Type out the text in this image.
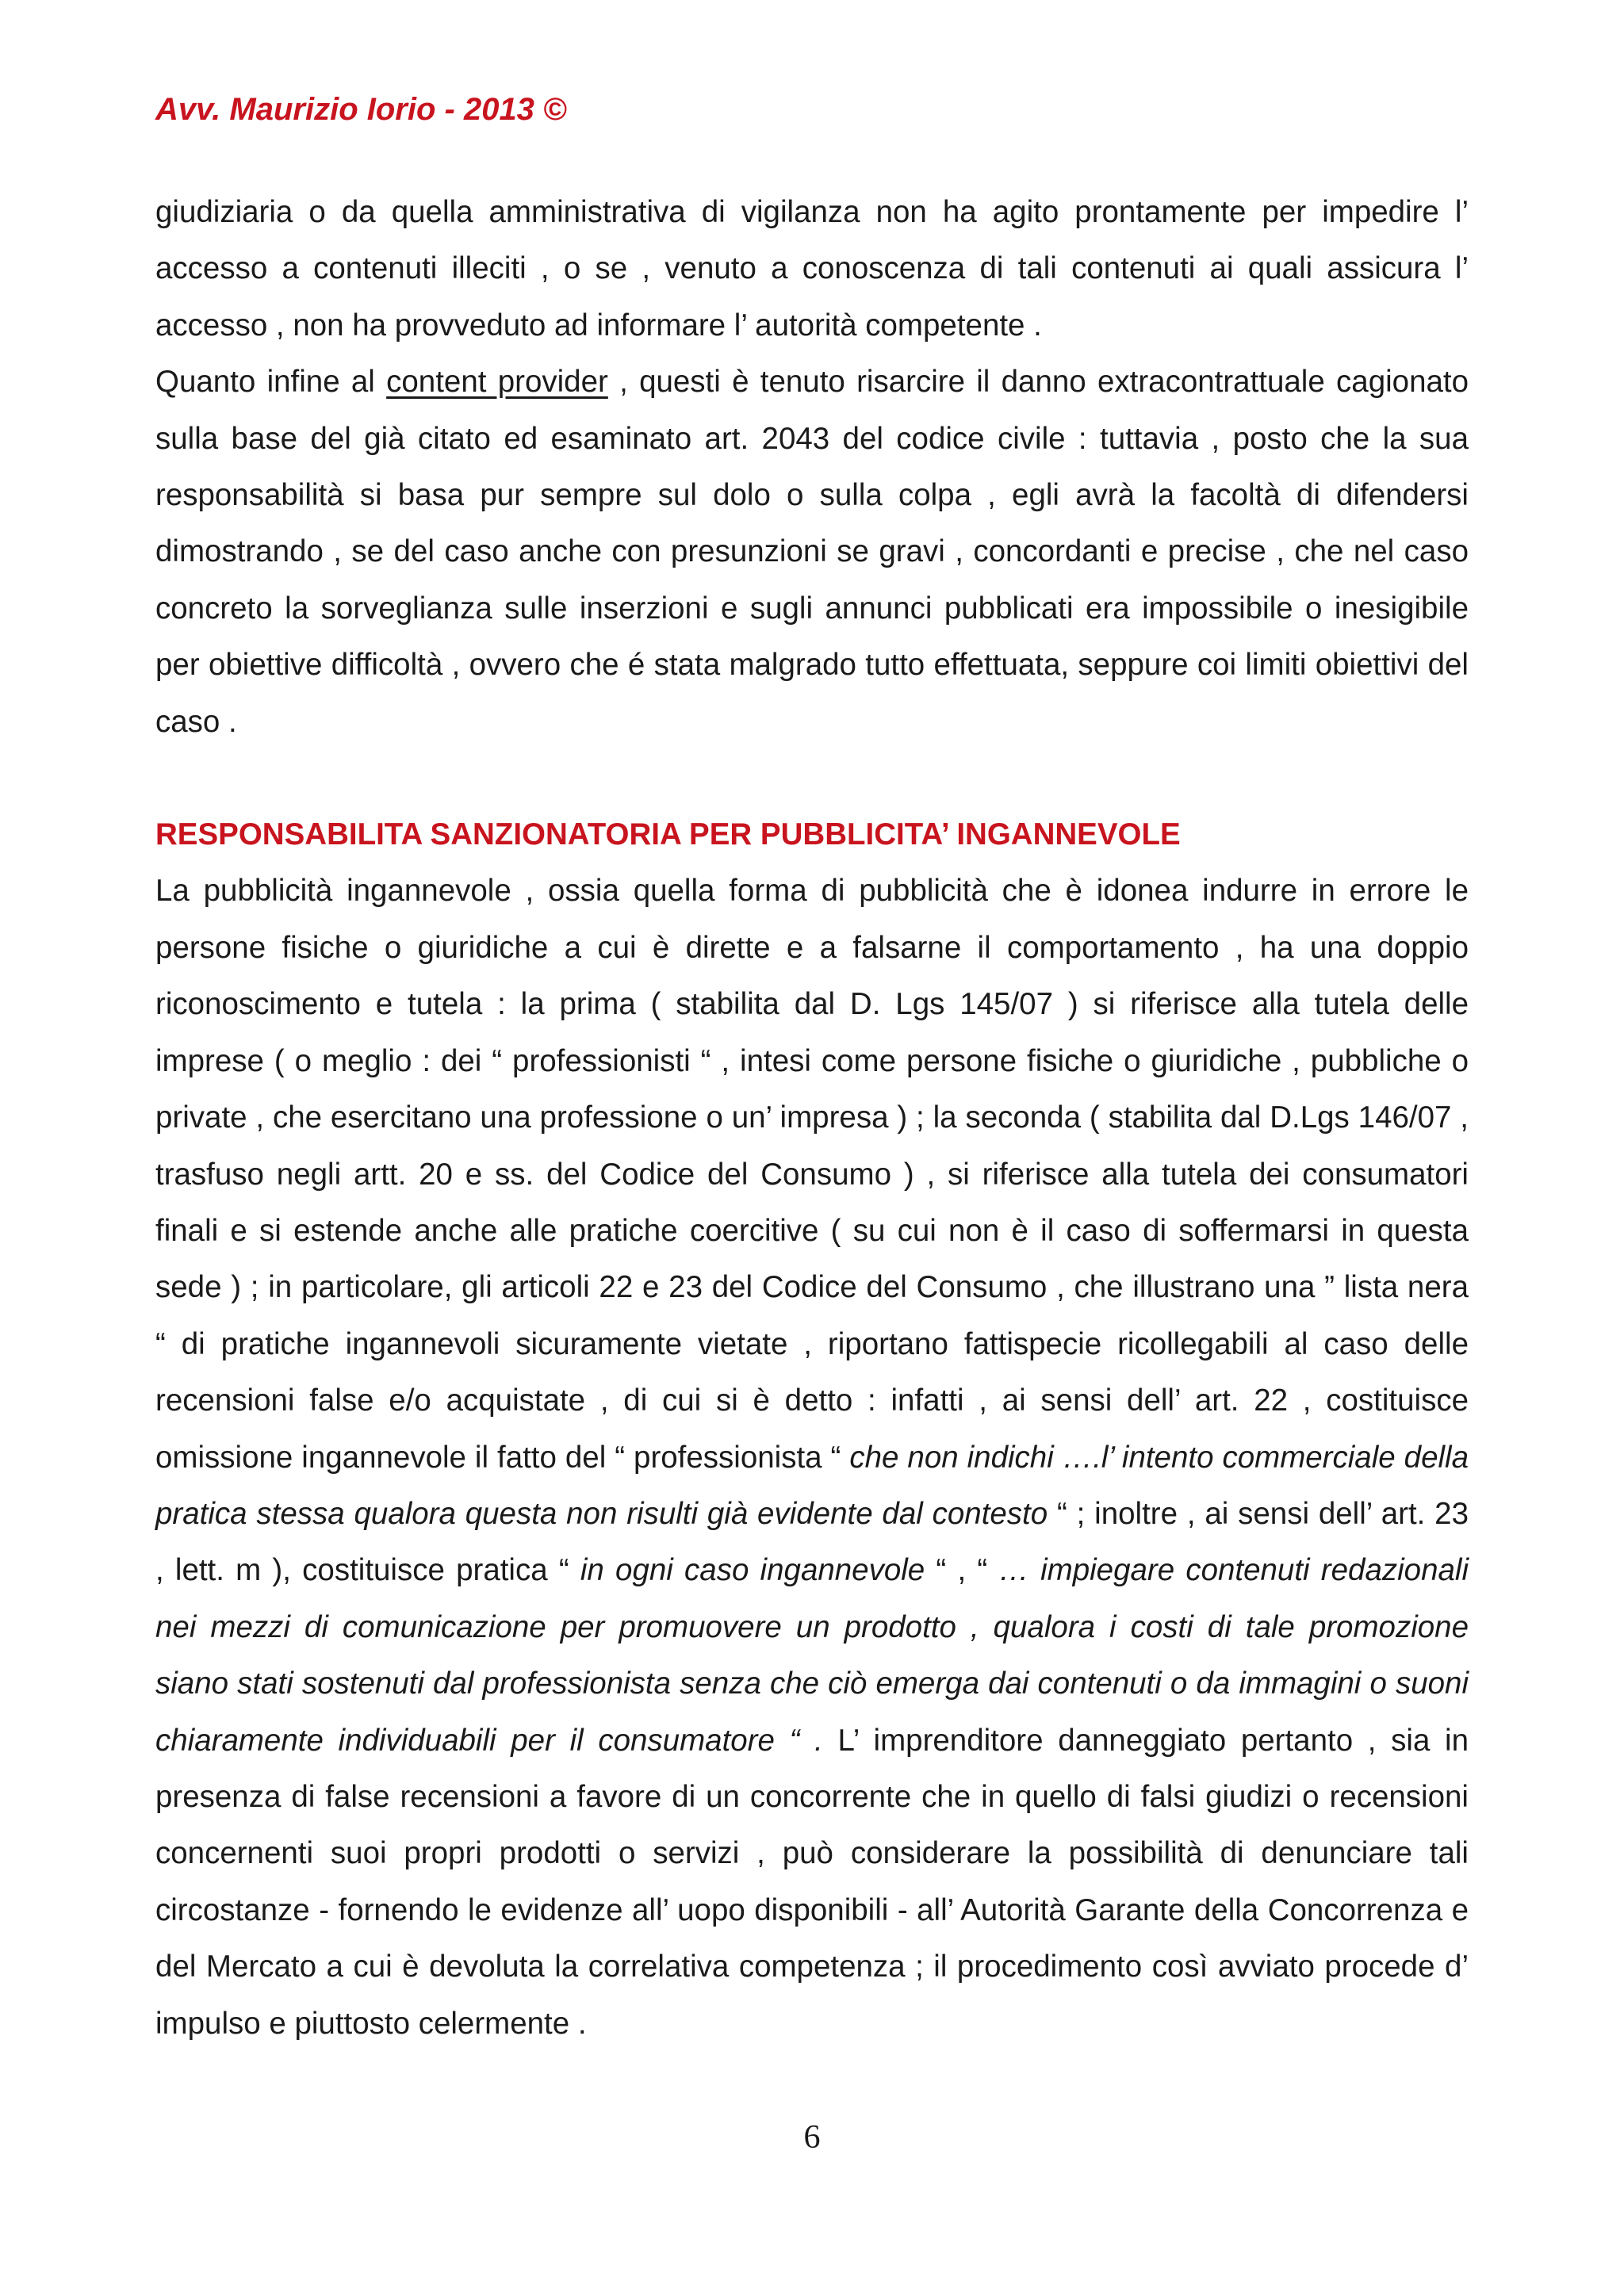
Avv. Maurizio Iorio - 2013 ©

giudiziaria o da quella amministrativa di vigilanza non ha agito prontamente per impedire l’ accesso a contenuti illeciti , o se , venuto a conoscenza di tali contenuti ai quali assicura l’ accesso , non ha provveduto ad informare l’ autorità competente .

Quanto infine al content provider , questi è tenuto risarcire il danno extracontrattuale cagionato sulla base del già citato ed esaminato art. 2043 del codice civile : tuttavia , posto che la sua responsabilità si basa pur sempre sul dolo o sulla colpa , egli avrà la facoltà di difendersi dimostrando , se del caso anche con presunzioni se gravi , concordanti e precise , che nel caso concreto la sorveglianza sulle inserzioni e sugli annunci pubblicati era impossibile o inesigibile per obiettive difficoltà , ovvero che é stata malgrado tutto effettuata, seppure coi limiti obiettivi del caso .

RESPONSABILITA SANZIONATORIA PER PUBBLICITA’ INGANNEVOLE

La pubblicità ingannevole , ossia quella forma di pubblicità che è idonea indurre in errore le persone fisiche o giuridiche a cui è dirette e a falsarne il comportamento , ha una doppio riconoscimento e tutela : la prima ( stabilita dal D. Lgs 145/07 ) si riferisce alla tutela delle imprese ( o meglio : dei “ professionisti “ , intesi come persone fisiche o giuridiche , pubbliche o private , che esercitano una professione o un’ impresa ) ; la seconda ( stabilita dal D.Lgs 146/07 , trasfuso negli artt. 20 e ss. del Codice del Consumo ) , si riferisce alla tutela dei consumatori finali e si estende anche alle pratiche coercitive ( su cui non è il caso di soffermarsi in questa sede ) ; in particolare, gli articoli 22 e 23 del Codice del Consumo , che illustrano una ” lista nera “ di pratiche ingannevoli sicuramente vietate , riportano fattispecie ricollegabili al caso delle recensioni false e/o acquistate , di cui si è detto : infatti , ai sensi dell’ art. 22 , costituisce omissione ingannevole il fatto del “ professionista “ che non indichi ….l’ intento commerciale della pratica stessa qualora questa non risulti già evidente dal contesto “ ; inoltre , ai sensi dell’ art. 23 , lett. m ), costituisce pratica “ in ogni caso ingannevole “ , “ … impiegare contenuti redazionali nei mezzi di comunicazione per promuovere un prodotto , qualora i costi di tale promozione siano stati sostenuti dal professionista senza che ciò emerga dai contenuti o da immagini o suoni chiaramente individuabili per il consumatore “ . L’ imprenditore danneggiato pertanto , sia in presenza di false recensioni a favore di un concorrente che in quello di falsi giudizi o recensioni concernenti suoi propri prodotti o servizi , può considerare la possibilità di denunciare tali circostanze - fornendo le evidenze all’ uopo disponibili - all’ Autorità Garante della Concorrenza e del Mercato a cui è devoluta la correlativa competenza ; il procedimento così avviato procede d’ impulso e piuttosto celermente .

6
